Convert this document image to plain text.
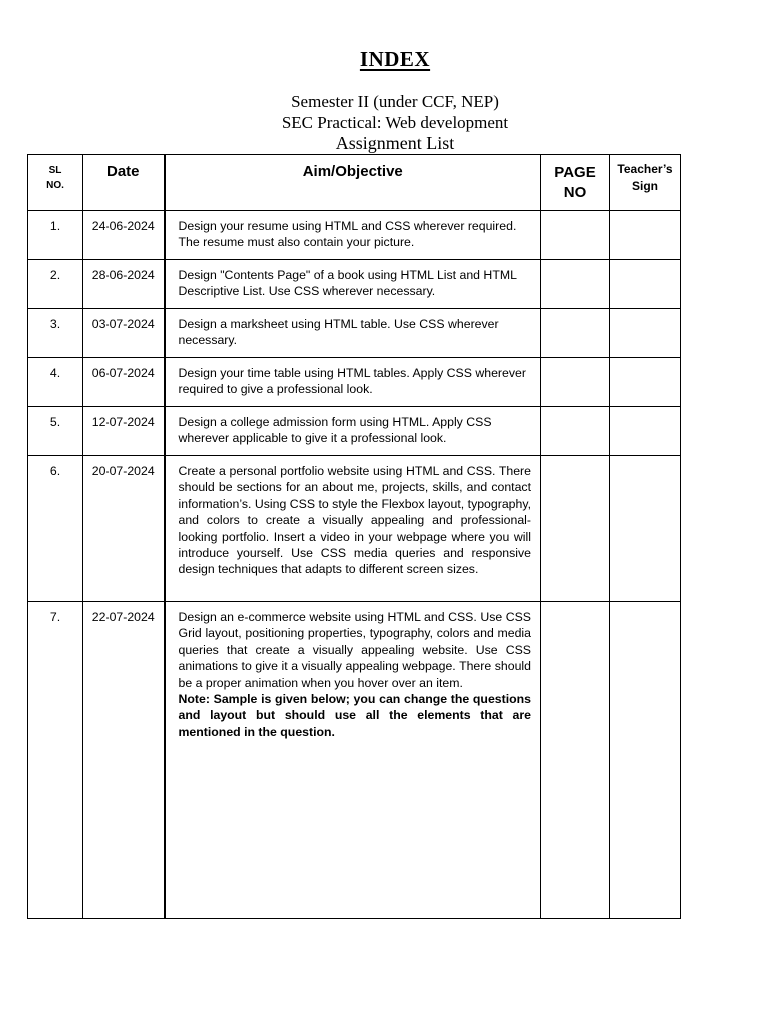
INDEX
Semester II (under CCF, NEP)
SEC Practical: Web development
Assignment List
SL NO.	Date	Aim/Objective	PAGE NO	Teacher’s Sign

1.	24-06-2024	Design your resume using HTML and CSS wherever required. The resume must also contain your picture.		
2.	28-06-2024	Design "Contents Page" of a book using HTML List and HTML Descriptive List. Use CSS wherever necessary.		
3.	03-07-2024	Design a marksheet using HTML table. Use CSS wherever necessary.		
4.	06-07-2024	Design your time table using HTML tables. Apply CSS wherever required to give a professional look.		
5.	12-07-2024	Design a college admission form using HTML. Apply CSS wherever applicable to give it a professional look.		
6.	20-07-2024	Create a personal portfolio website using HTML and CSS. There should be sections for an about me, projects, skills, and contact information’s. Using CSS to style the Flexbox layout, typography, and colors to create a visually appealing and professional-looking portfolio. Insert a video in your webpage where you will introduce yourself. Use CSS media queries and responsive design techniques that adapts to different screen sizes.		
7.	22-07-2024	Design an e-commerce website using HTML and CSS. Use CSS Grid layout, positioning properties, typography, colors and media queries that create a visually appealing website. Use CSS animations to give it a visually appealing webpage. There should be a proper animation when you hover over an item.
Note: Sample is given below; you can change the questions and layout but should use all the elements that are mentioned in the question.		
